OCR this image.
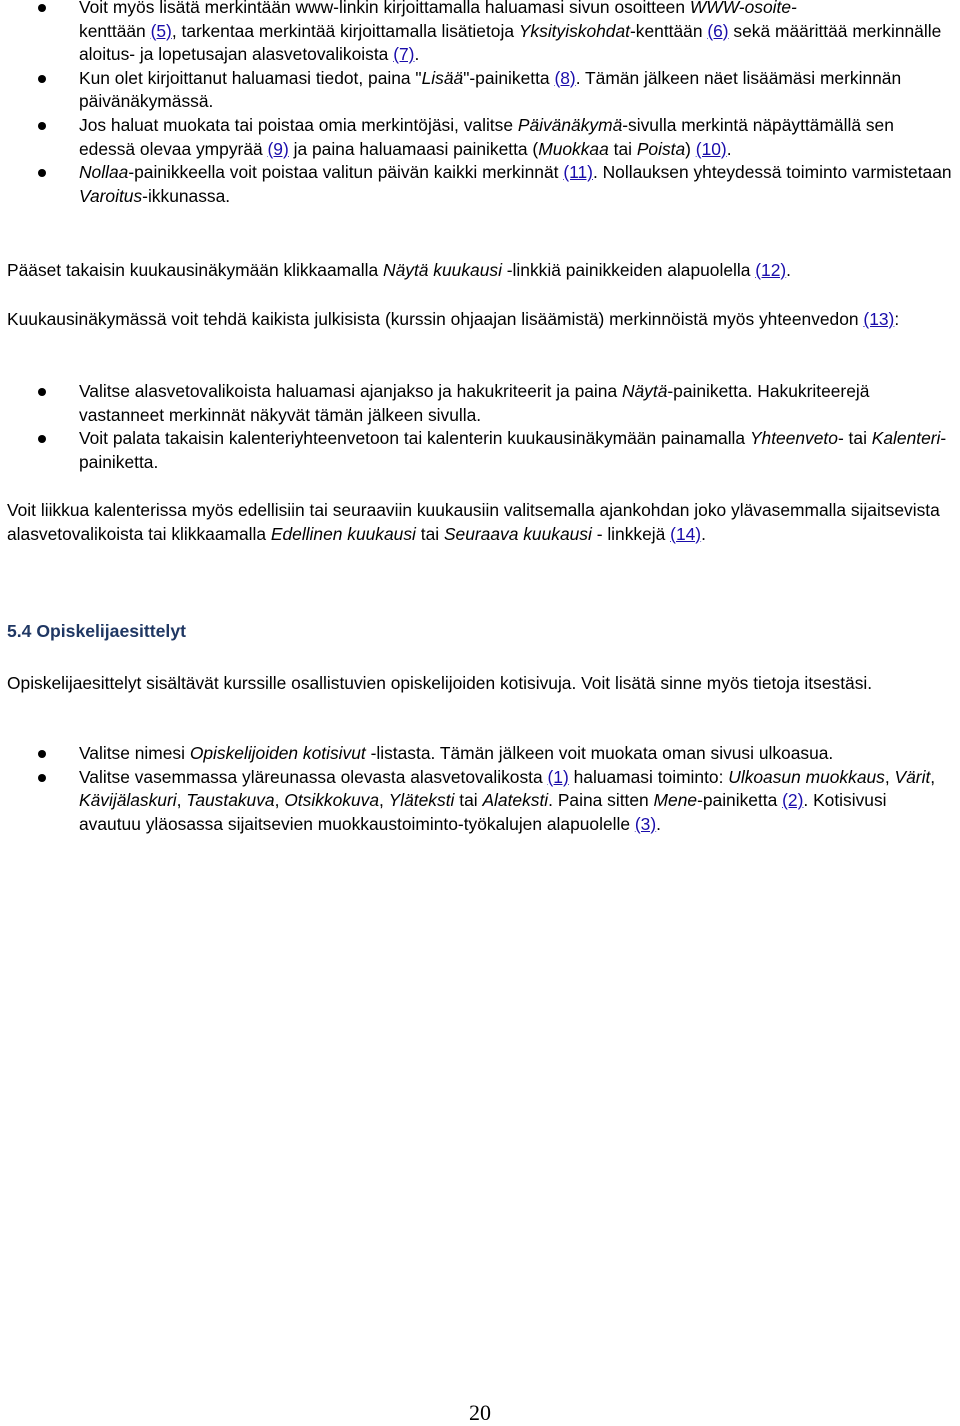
Voit myös lisätä merkintään www-linkin kirjoittamalla haluamasi sivun osoitteen WWW-osoite-
kenttään (5), tarkentaa merkintää kirjoittamalla lisätietoja Yksityiskohdat-kenttään (6) sekä määrittää merkinnälle aloitus- ja lopetusajan alasvetovalikoista (7).
Kun olet kirjoittanut haluamasi tiedot, paina "Lisää"-painiketta (8). Tämän jälkeen näet lisäämäsi merkinnän päivänäkymässä.
Jos haluat muokata tai poistaa omia merkintöjäsi, valitse Päivänäkymä-sivulla merkintä näpäyttämällä sen edessä olevaa ympyrää (9) ja paina haluamaasi painiketta (Muokkaa tai Poista) (10).
Nollaa-painikkeella voit poistaa valitun päivän kaikki merkinnät (11). Nollauksen yhteydessä toiminto varmistetaan Varoitus-ikkunassa.

Pääset takaisin kuukausinäkymään klikkaamalla Näytä kuukausi -linkkiä painikkeiden alapuolella (12).

Kuukausinäkymässä voit tehdä kaikista julkisista (kurssin ohjaajan lisäämistä) merkinnöistä myös yhteenvedon (13):

Valitse alasvetovalikoista haluamasi ajanjakso ja hakukriteerit ja paina Näytä-painiketta. Hakukriteerejä vastanneet merkinnät näkyvät tämän jälkeen sivulla.
Voit palata takaisin kalenteriyhteenvetoon tai kalenterin kuukausinäkymään painamalla Yhteenveto- tai Kalenteri-painiketta.

Voit liikkua kalenterissa myös edellisiin tai seuraaviin kuukausiin valitsemalla ajankohdan joko ylävasemmalla sijaitsevista alasvetovalikoista tai klikkaamalla Edellinen kuukausi tai Seuraava kuukausi - linkkejä (14).

5.4 Opiskelijaesittelyt

Opiskelijaesittelyt sisältävät kurssille osallistuvien opiskelijoiden kotisivuja. Voit lisätä sinne myös tietoja itsestäsi.

Valitse nimesi Opiskelijoiden kotisivut -listasta. Tämän jälkeen voit muokata oman sivusi ulkoasua.
Valitse vasemmassa yläreunassa olevasta alasvetovalikosta (1) haluamasi toiminto: Ulkoasun muokkaus, Värit, Kävijälaskuri, Taustakuva, Otsikkokuva, Yläteksti tai Alateksti. Paina sitten Mene-painiketta (2). Kotisivusi avautuu yläosassa sijaitsevien muokkaustoiminto-työkalujen alapuolelle (3).
20
